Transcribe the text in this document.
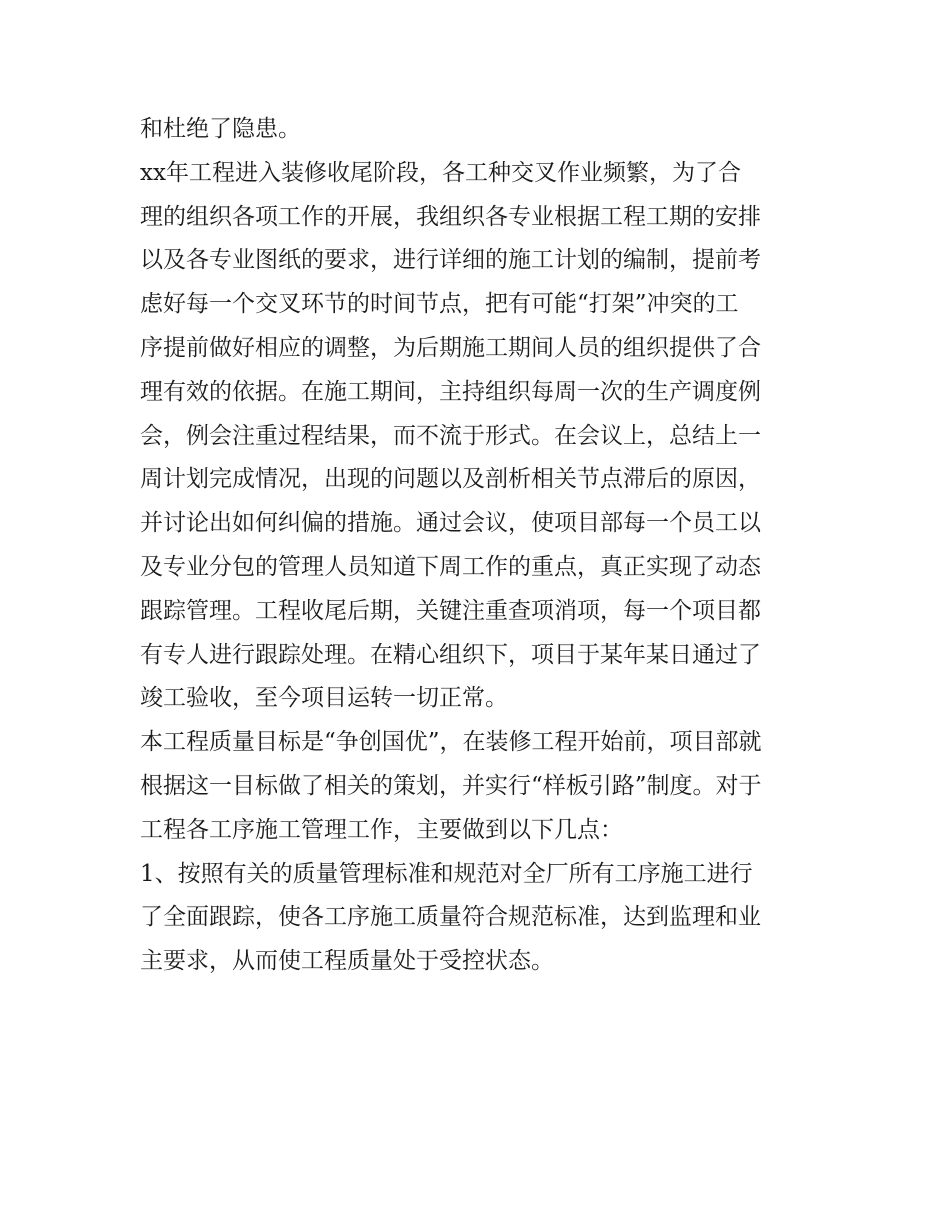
和杜绝了隐患。
xx年工程进入装修收尾阶段，各工种交叉作业频繁，为了合
理的组织各项工作的开展，我组织各专业根据工程工期的安排
以及各专业图纸的要求，进行详细的施工计划的编制，提前考
虑好每一个交叉环节的时间节点，把有可能“打架”冲突的工
序提前做好相应的调整，为后期施工期间人员的组织提供了合
理有效的依据。在施工期间，主持组织每周一次的生产调度例
会，例会注重过程结果，而不流于形式。在会议上，总结上一
周计划完成情况，出现的问题以及剖析相关节点滞后的原因，
并讨论出如何纠偏的措施。通过会议，使项目部每一个员工以
及专业分包的管理人员知道下周工作的重点，真正实现了动态
跟踪管理。工程收尾后期，关键注重查项消项，每一个项目都
有专人进行跟踪处理。在精心组织下，项目于某年某日通过了
竣工验收，至今项目运转一切正常。
本工程质量目标是“争创国优”，在装修工程开始前，项目部就
根据这一目标做了相关的策划，并实行“样板引路”制度。对于
工程各工序施工管理工作，主要做到以下几点：
1、按照有关的质量管理标准和规范对全厂所有工序施工进行
了全面跟踪，使各工序施工质量符合规范标准，达到监理和业
主要求，从而使工程质量处于受控状态。
